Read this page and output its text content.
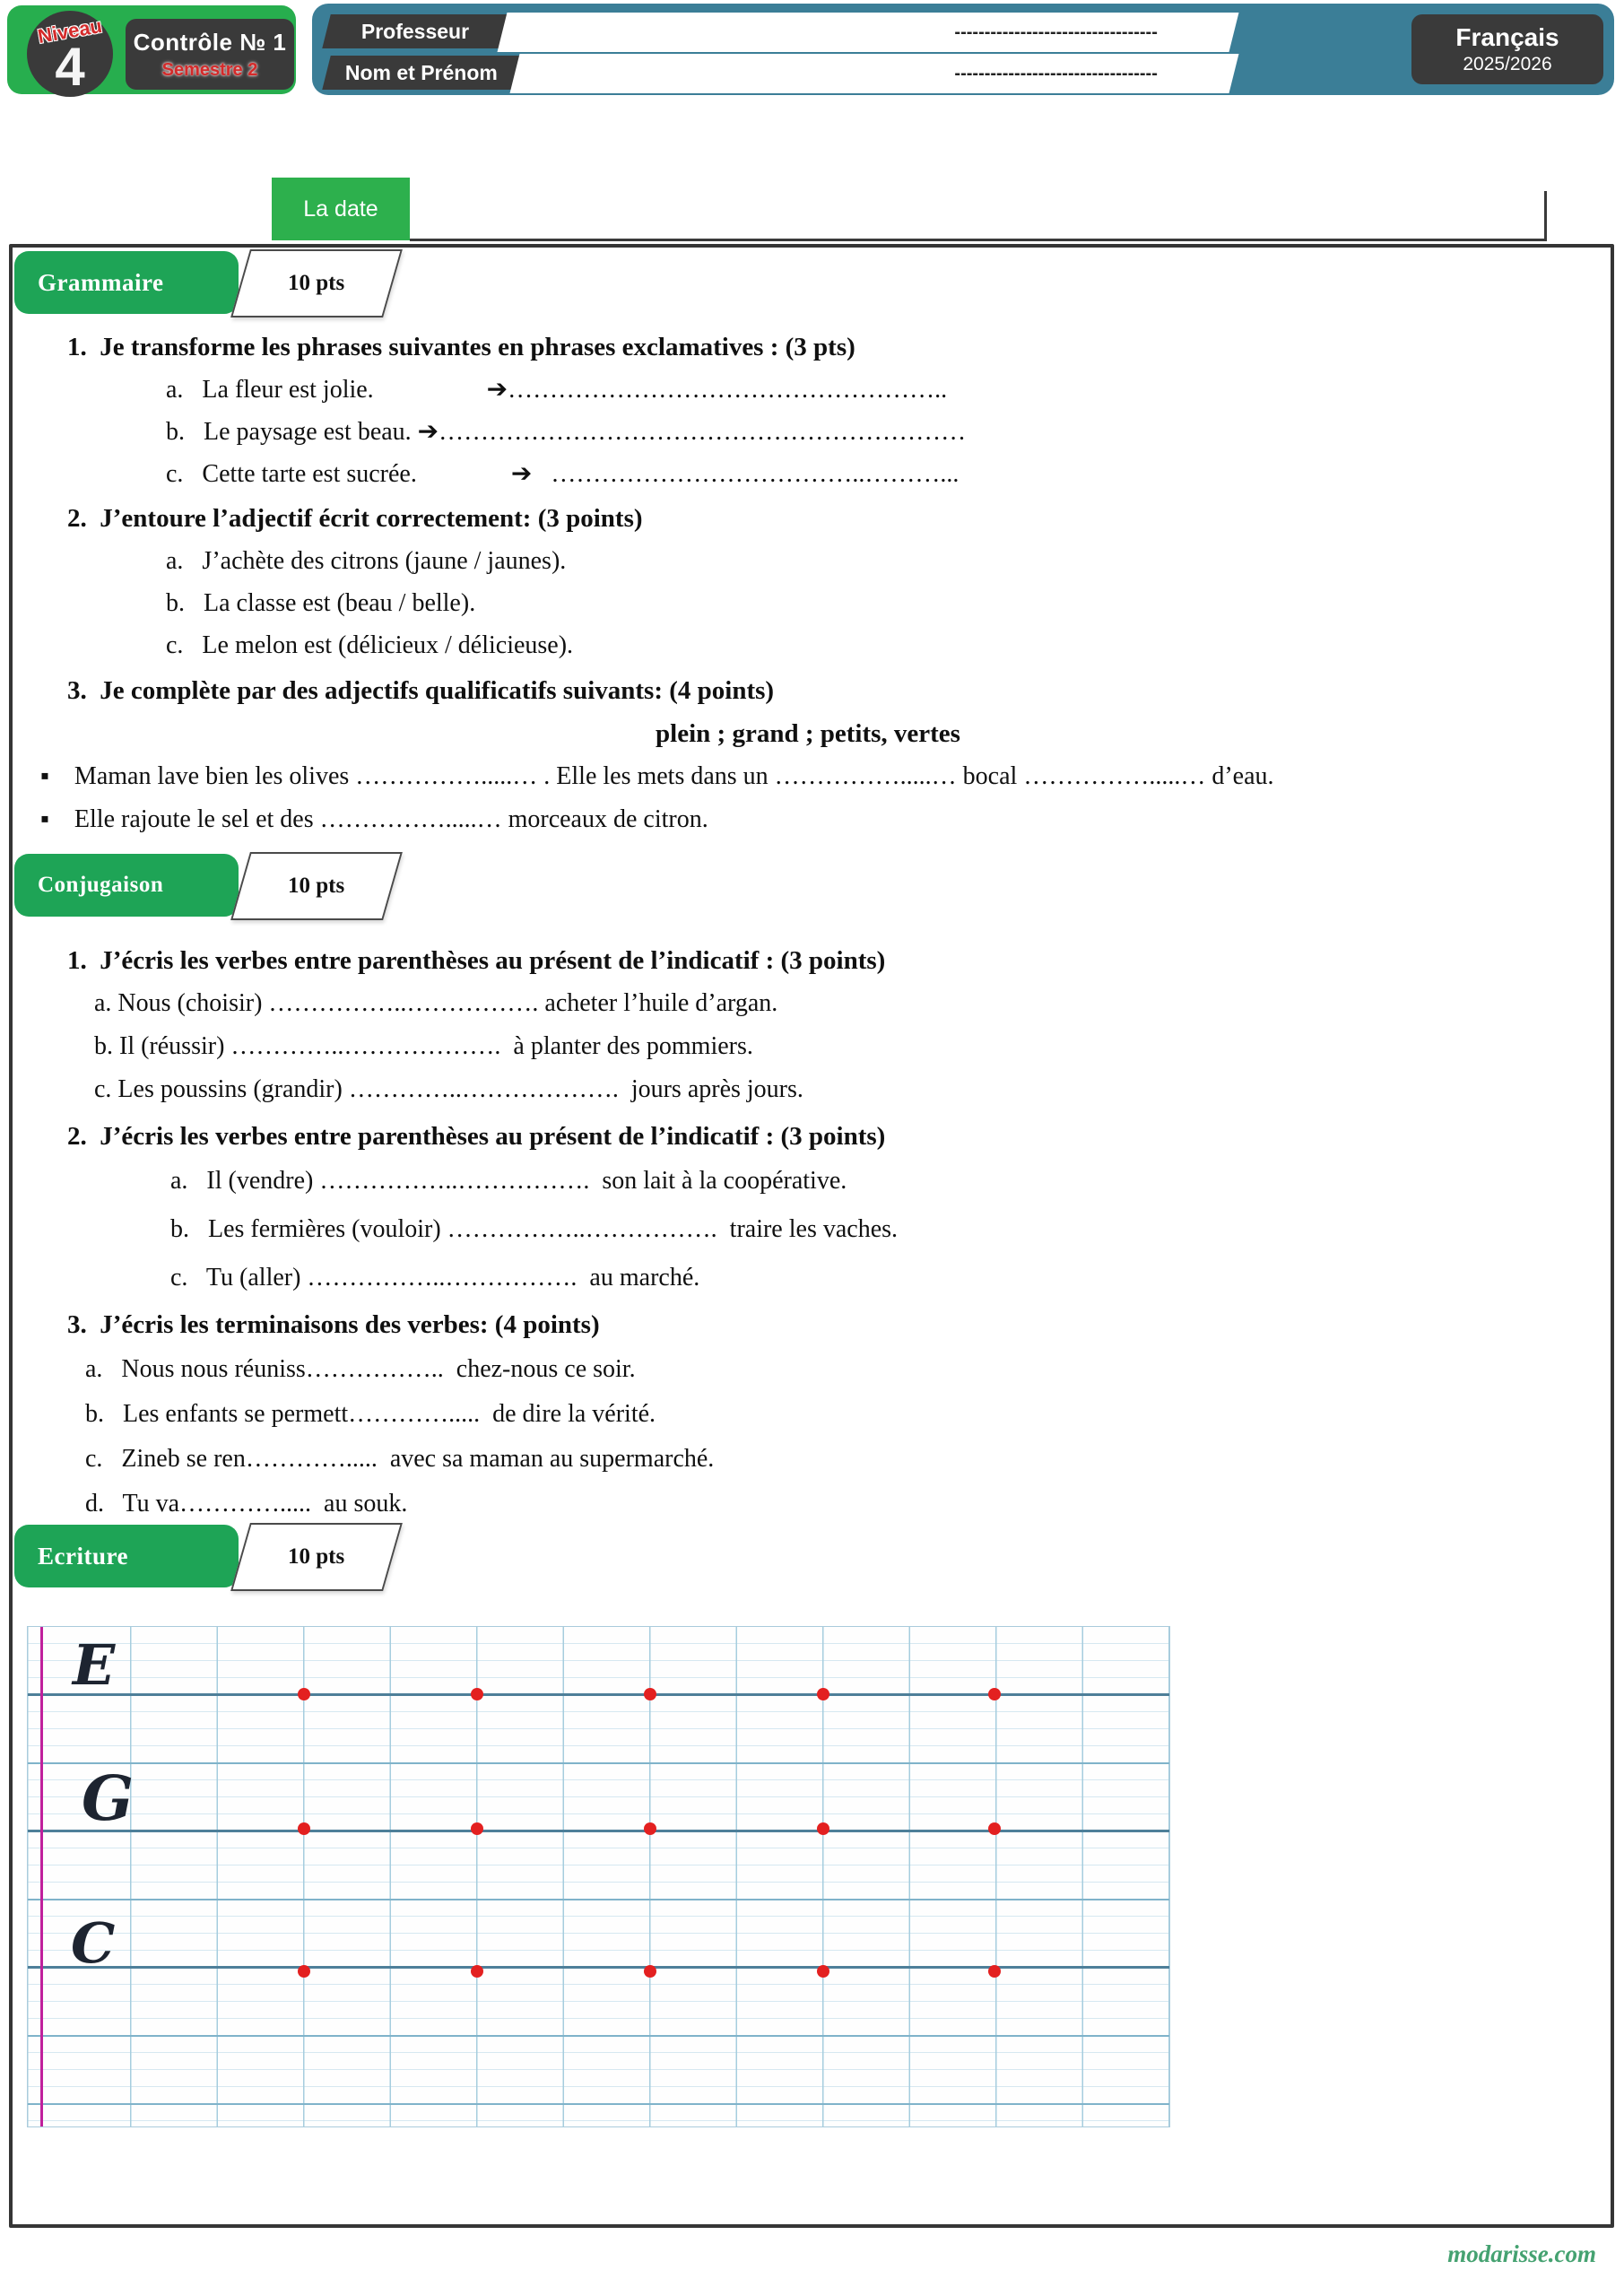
Niveau
4	Contrôle № 1
Semestre 2
Professeur	----------------------------------
Nom et Prénom	----------------------------------
Français
2025/2026
La date
Grammaire	10 pts
1.  Je transforme les phrases suivantes en phrases exclamatives : (3 pts)
a.   La fleur est jolie.                  ➔……………………………………………..
b.   Le paysage est beau. ➔………………………………………………………
c.   Cette tarte est sucrée.               ➔   ………………………………..………...
2.  J’entoure l’adjectif écrit correctement: (3 points)
a.   J’achète des citrons (jaune / jaunes).
b.   La classe est (beau / belle).
c.   Le melon est (délicieux / délicieuse).
3.  Je complète par des adjectifs qualificatifs suivants: (4 points)
plein ; grand ; petits, vertes
▪    Maman lave bien les olives …………….....… . Elle les mets dans un …………….....… bocal …………….....… d’eau.
▪    Elle rajoute le sel et des …………….....… morceaux de citron.
Conjugaison	10 pts
1.  J’écris les verbes entre parenthèses au présent de l’indicatif : (3 points)
a. Nous (choisir) ……………..……………. acheter l’huile d’argan.
b. Il (réussir) …………..……………….  à planter des pommiers.
c. Les poussins (grandir) …………..……………….  jours après jours.
2.  J’écris les verbes entre parenthèses au présent de l’indicatif : (3 points)
a.   Il (vendre) ……………..…………….  son lait à la coopérative.
b.   Les fermières (vouloir) ……………..…………….  traire les vaches.
c.   Tu (aller) ……………..…………….  au marché.
3.  J’écris les terminaisons des verbes: (4 points)
a.   Nous nous réuniss……………..  chez-nous ce soir.
b.   Les enfants se permett………….....  de dire la vérité.
c.   Zineb se ren………….....  avec sa maman au supermarché.
d.   Tu va………….....  au souk.
Ecriture	10 pts
E
G
C
modarisse.com
